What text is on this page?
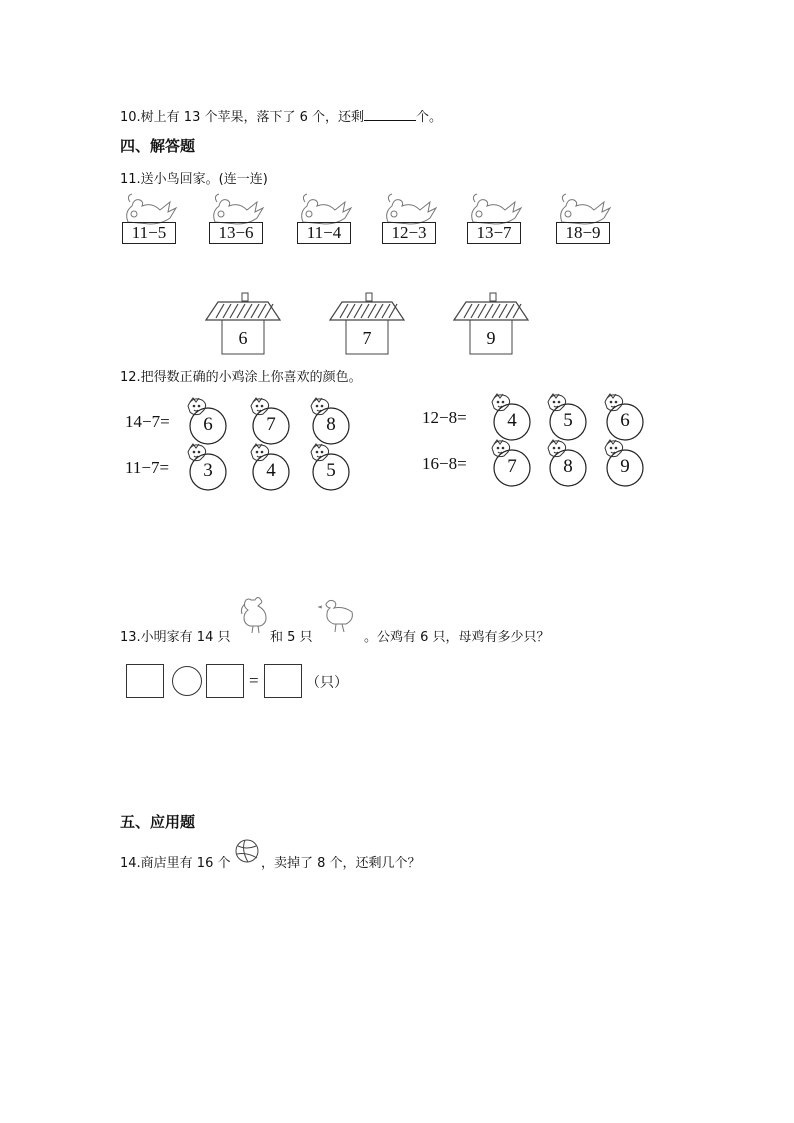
10.树上有 13 个苹果，落下了 6 个，还剩	个。
四、解答题
11.送小鸟回家。(连一连)
11−5	13−6	11−4	12−3	13−7	18−9
6	7	9
12.把得数正确的小鸡涂上你喜欢的颜色。
14−7=	6	7	8
11−7=	3	4	5
12−8=	4	5	6
16−8=	7	8	9
13.小明家有 14 只	和 5 只	。公鸡有 6 只，母鸡有多少只？
=	（只）
五、应用题
14.商店里有 16 个 ，卖掉了 8 个，还剩几个？
